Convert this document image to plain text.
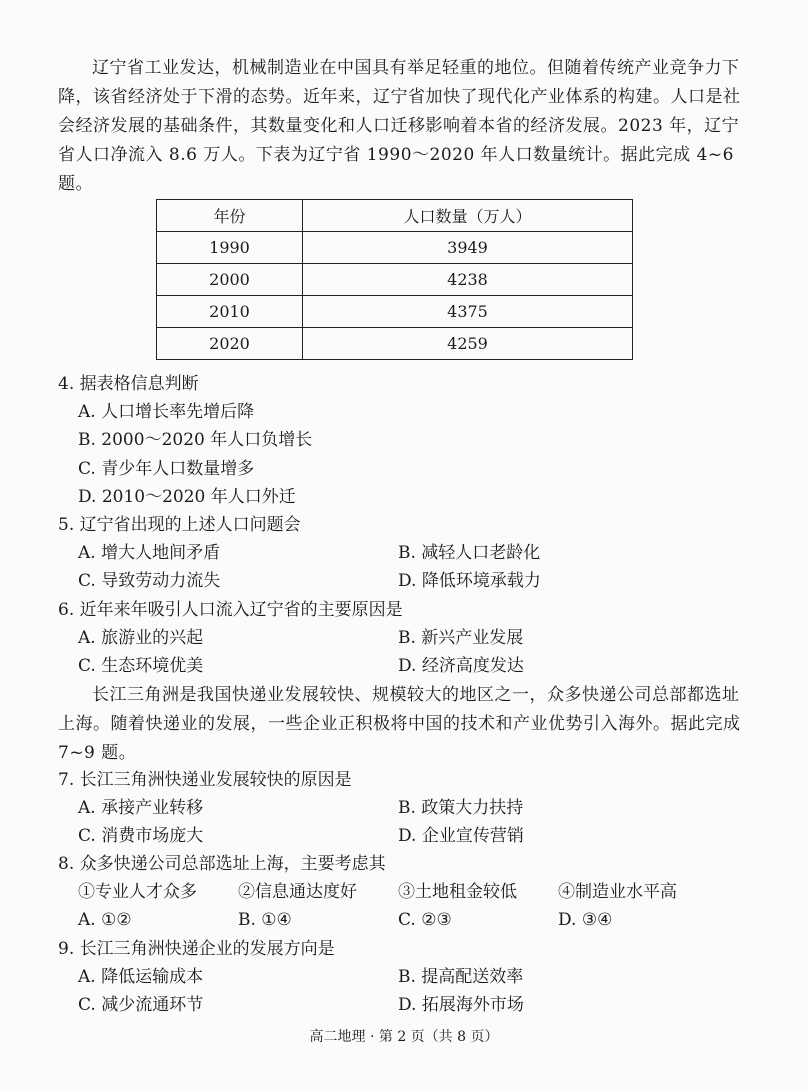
辽宁省工业发达，机械制造业在中国具有举足轻重的地位。但随着传统产业竞争力下降，该省经济处于下滑的态势。近年来，辽宁省加快了现代化产业体系的构建。人口是社会经济发展的基础条件，其数量变化和人口迁移影响着本省的经济发展。2023 年，辽宁省人口净流入 8.6 万人。下表为辽宁省 1990～2020 年人口数量统计。据此完成 4~6 题。

年份	人口数量（万人）
1990	3949
2000	4238
2010	4375
2020	4259
4. 据表格信息判断
A. 人口增长率先增后降
B. 2000～2020 年人口负增长
C. 青少年人口数量增多
D. 2010～2020 年人口外迁
5. 辽宁省出现的上述人口问题会
A. 增大人地间矛盾	B. 减轻人口老龄化
C. 导致劳动力流失	D. 降低环境承载力
6. 近年来年吸引人口流入辽宁省的主要原因是
A. 旅游业的兴起	B. 新兴产业发展
C. 生态环境优美	D. 经济高度发达

长江三角洲是我国快递业发展较快、规模较大的地区之一，众多快递公司总部都选址上海。随着快递业的发展，一些企业正积极将中国的技术和产业优势引入海外。据此完成 7~9 题。

7. 长江三角洲快递业发展较快的原因是
A. 承接产业转移	B. 政策大力扶持
C. 消费市场庞大	D. 企业宣传营销
8. 众多快递公司总部选址上海，主要考虑其
①专业人才众多 ②信息通达度好 ③土地租金较低 ④制造业水平高
A. ①②	B. ①④	C. ②③	D. ③④
9. 长江三角洲快递企业的发展方向是
A. 降低运输成本	B. 提高配送效率
C. 减少流通环节	D. 拓展海外市场
高二地理 · 第 2 页（共 8 页）
